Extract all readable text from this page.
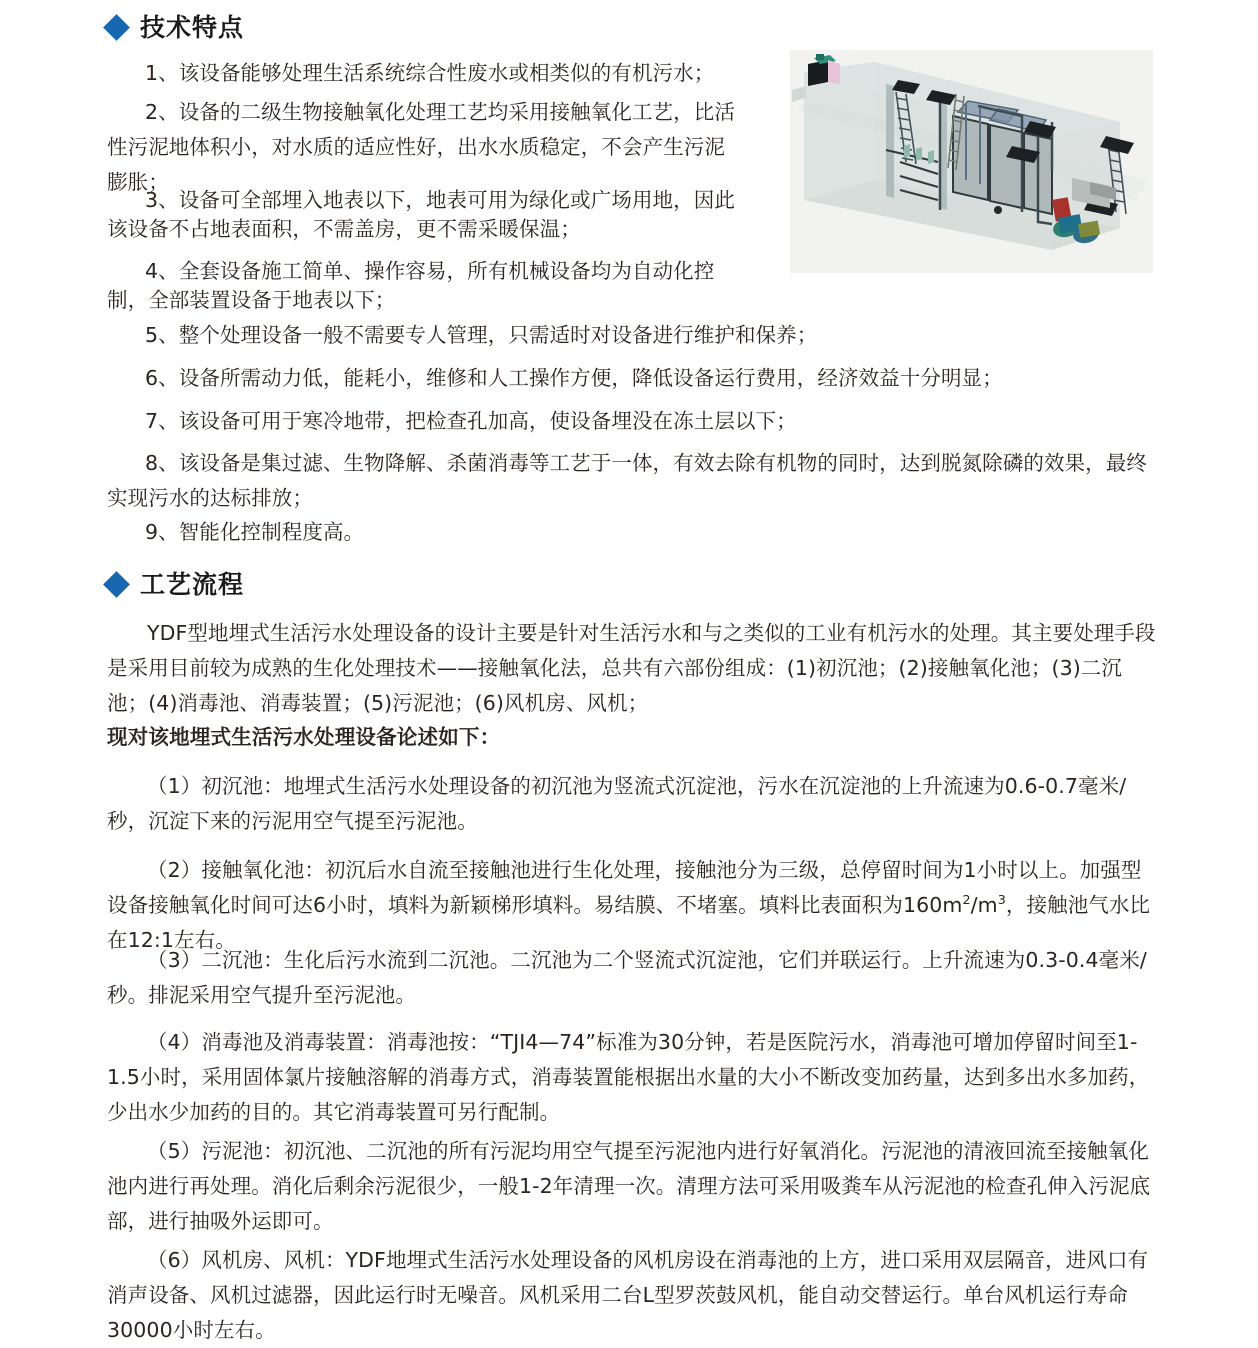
技术特点
1、该设备能够处理生活系统综合性废水或相类似的有机污水；
2、设备的二级生物接触氧化处理工艺均采用接触氧化工艺，比活性污泥地体积小，对水质的适应性好，出水水质稳定，不会产生污泥膨胀；
3、设备可全部埋入地表以下，地表可用为绿化或广场用地，因此该设备不占地表面积，不需盖房，更不需采暖保温；
4、全套设备施工简单、操作容易，所有机械设备均为自动化控制，全部装置设备于地表以下；
5、整个处理设备一般不需要专人管理，只需适时对设备进行维护和保养；
6、设备所需动力低，能耗小，维修和人工操作方便，降低设备运行费用，经济效益十分明显；
7、该设备可用于寒冷地带，把检查孔加高，使设备埋没在冻土层以下；
8、该设备是集过滤、生物降解、杀菌消毒等工艺于一体，有效去除有机物的同时，达到脱氮除磷的效果，最终实现污水的达标排放；
9、智能化控制程度高。
工艺流程
YDF型地埋式生活污水处理设备的设计主要是针对生活污水和与之类似的工业有机污水的处理。其主要处理手段是采用目前较为成熟的生化处理技术——接触氧化法，总共有六部份组成：(1)初沉池；(2)接触氧化池；(3)二沉池；(4)消毒池、消毒装置；(5)污泥池；(6)风机房、风机；
现对该地埋式生活污水处理设备论述如下：
（1）初沉池：地埋式生活污水处理设备的初沉池为竖流式沉淀池，污水在沉淀池的上升流速为0.6-0.7毫米/秒，沉淀下来的污泥用空气提至污泥池。
（2）接触氧化池：初沉后水自流至接触池进行生化处理，接触池分为三级，总停留时间为1小时以上。加强型设备接触氧化时间可达6小时，填料为新颖梯形填料。易结膜、不堵塞。填料比表面积为$160m^2/m^3$，接触池气水比在12:1左右。
（3）二沉池：生化后污水流到二沉池。二沉池为二个竖流式沉淀池，它们并联运行。上升流速为0.3-0.4毫米/秒。排泥采用空气提升至污泥池。
（4）消毒池及消毒装置：消毒池按：“TJI4—74”标准为30分钟，若是医院污水，消毒池可增加停留时间至1-1.5小时，采用固体氯片接触溶解的消毒方式，消毒装置能根据出水量的大小不断改变加药量，达到多出水多加药，少出水少加药的目的。其它消毒装置可另行配制。
（5）污泥池：初沉池、二沉池的所有污泥均用空气提至污泥池内进行好氧消化。污泥池的清液回流至接触氧化池内进行再处理。消化后剩余污泥很少，一般1-2年清理一次。清理方法可采用吸粪车从污泥池的检查孔伸入污泥底部，进行抽吸外运即可。
（6）风机房、风机：YDF地埋式生活污水处理设备的风机房设在消毒池的上方，进口采用双层隔音，进风口有消声设备、风机过滤器，因此运行时无噪音。风机采用二台L型罗茨鼓风机，能自动交替运行。单台风机运行寿命30000小时左右。
